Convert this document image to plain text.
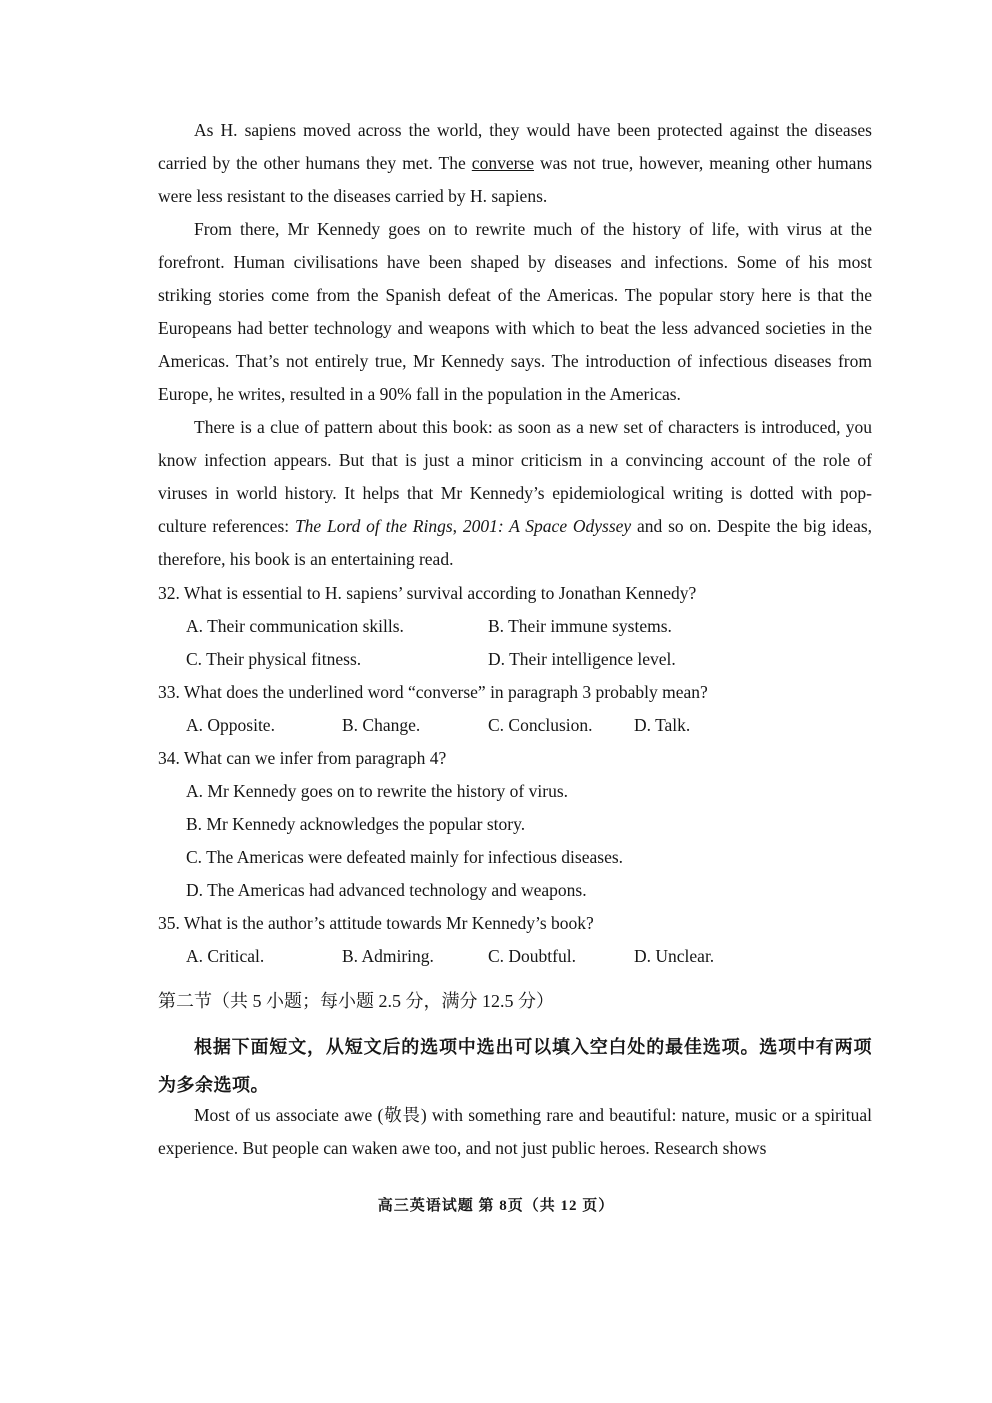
As H. sapiens moved across the world, they would have been protected against the diseases carried by the other humans they met. The converse was not true, however, meaning other humans were less resistant to the diseases carried by H. sapiens.

From there, Mr Kennedy goes on to rewrite much of the history of life, with virus at the forefront. Human civilisations have been shaped by diseases and infections. Some of his most striking stories come from the Spanish defeat of the Americas. The popular story here is that the Europeans had better technology and weapons with which to beat the less advanced societies in the Americas. That’s not entirely true, Mr Kennedy says. The introduction of infectious diseases from Europe, he writes, resulted in a 90% fall in the population in the Americas.

There is a clue of pattern about this book: as soon as a new set of characters is introduced, you know infection appears. But that is just a minor criticism in a convincing account of the role of viruses in world history. It helps that Mr Kennedy’s epidemiological writing is dotted with pop-culture references: The Lord of the Rings, 2001: A Space Odyssey and so on. Despite the big ideas, therefore, his book is an entertaining read.

32. What is essential to H. sapiens’ survival according to Jonathan Kennedy?
A. Their communication skills.	B. Their immune systems.
C. Their physical fitness.	D. Their intelligence level.
33. What does the underlined word “converse” in paragraph 3 probably mean?
A. Opposite.	B. Change.	C. Conclusion. D. Talk.
34. What can we infer from paragraph 4?
A. Mr Kennedy goes on to rewrite the history of virus.
B. Mr Kennedy acknowledges the popular story.
C. The Americas were defeated mainly for infectious diseases.
D. The Americas had advanced technology and weapons.
35. What is the author’s attitude towards Mr Kennedy’s book?
A. Critical.	B. Admiring.	C. Doubtful.	D. Unclear.
第二节（共 5 小题；每小题 2.5 分，满分 12.5 分）

根据下面短文，从短文后的选项中选出可以填入空白处的最佳选项。选项中有两项为多余选项。

Most of us associate awe (敬畏) with something rare and beautiful: nature, music or a spiritual experience. But people can waken awe too, and not just public heroes. Research shows

高三英语试题 第 8页（共 12 页）
